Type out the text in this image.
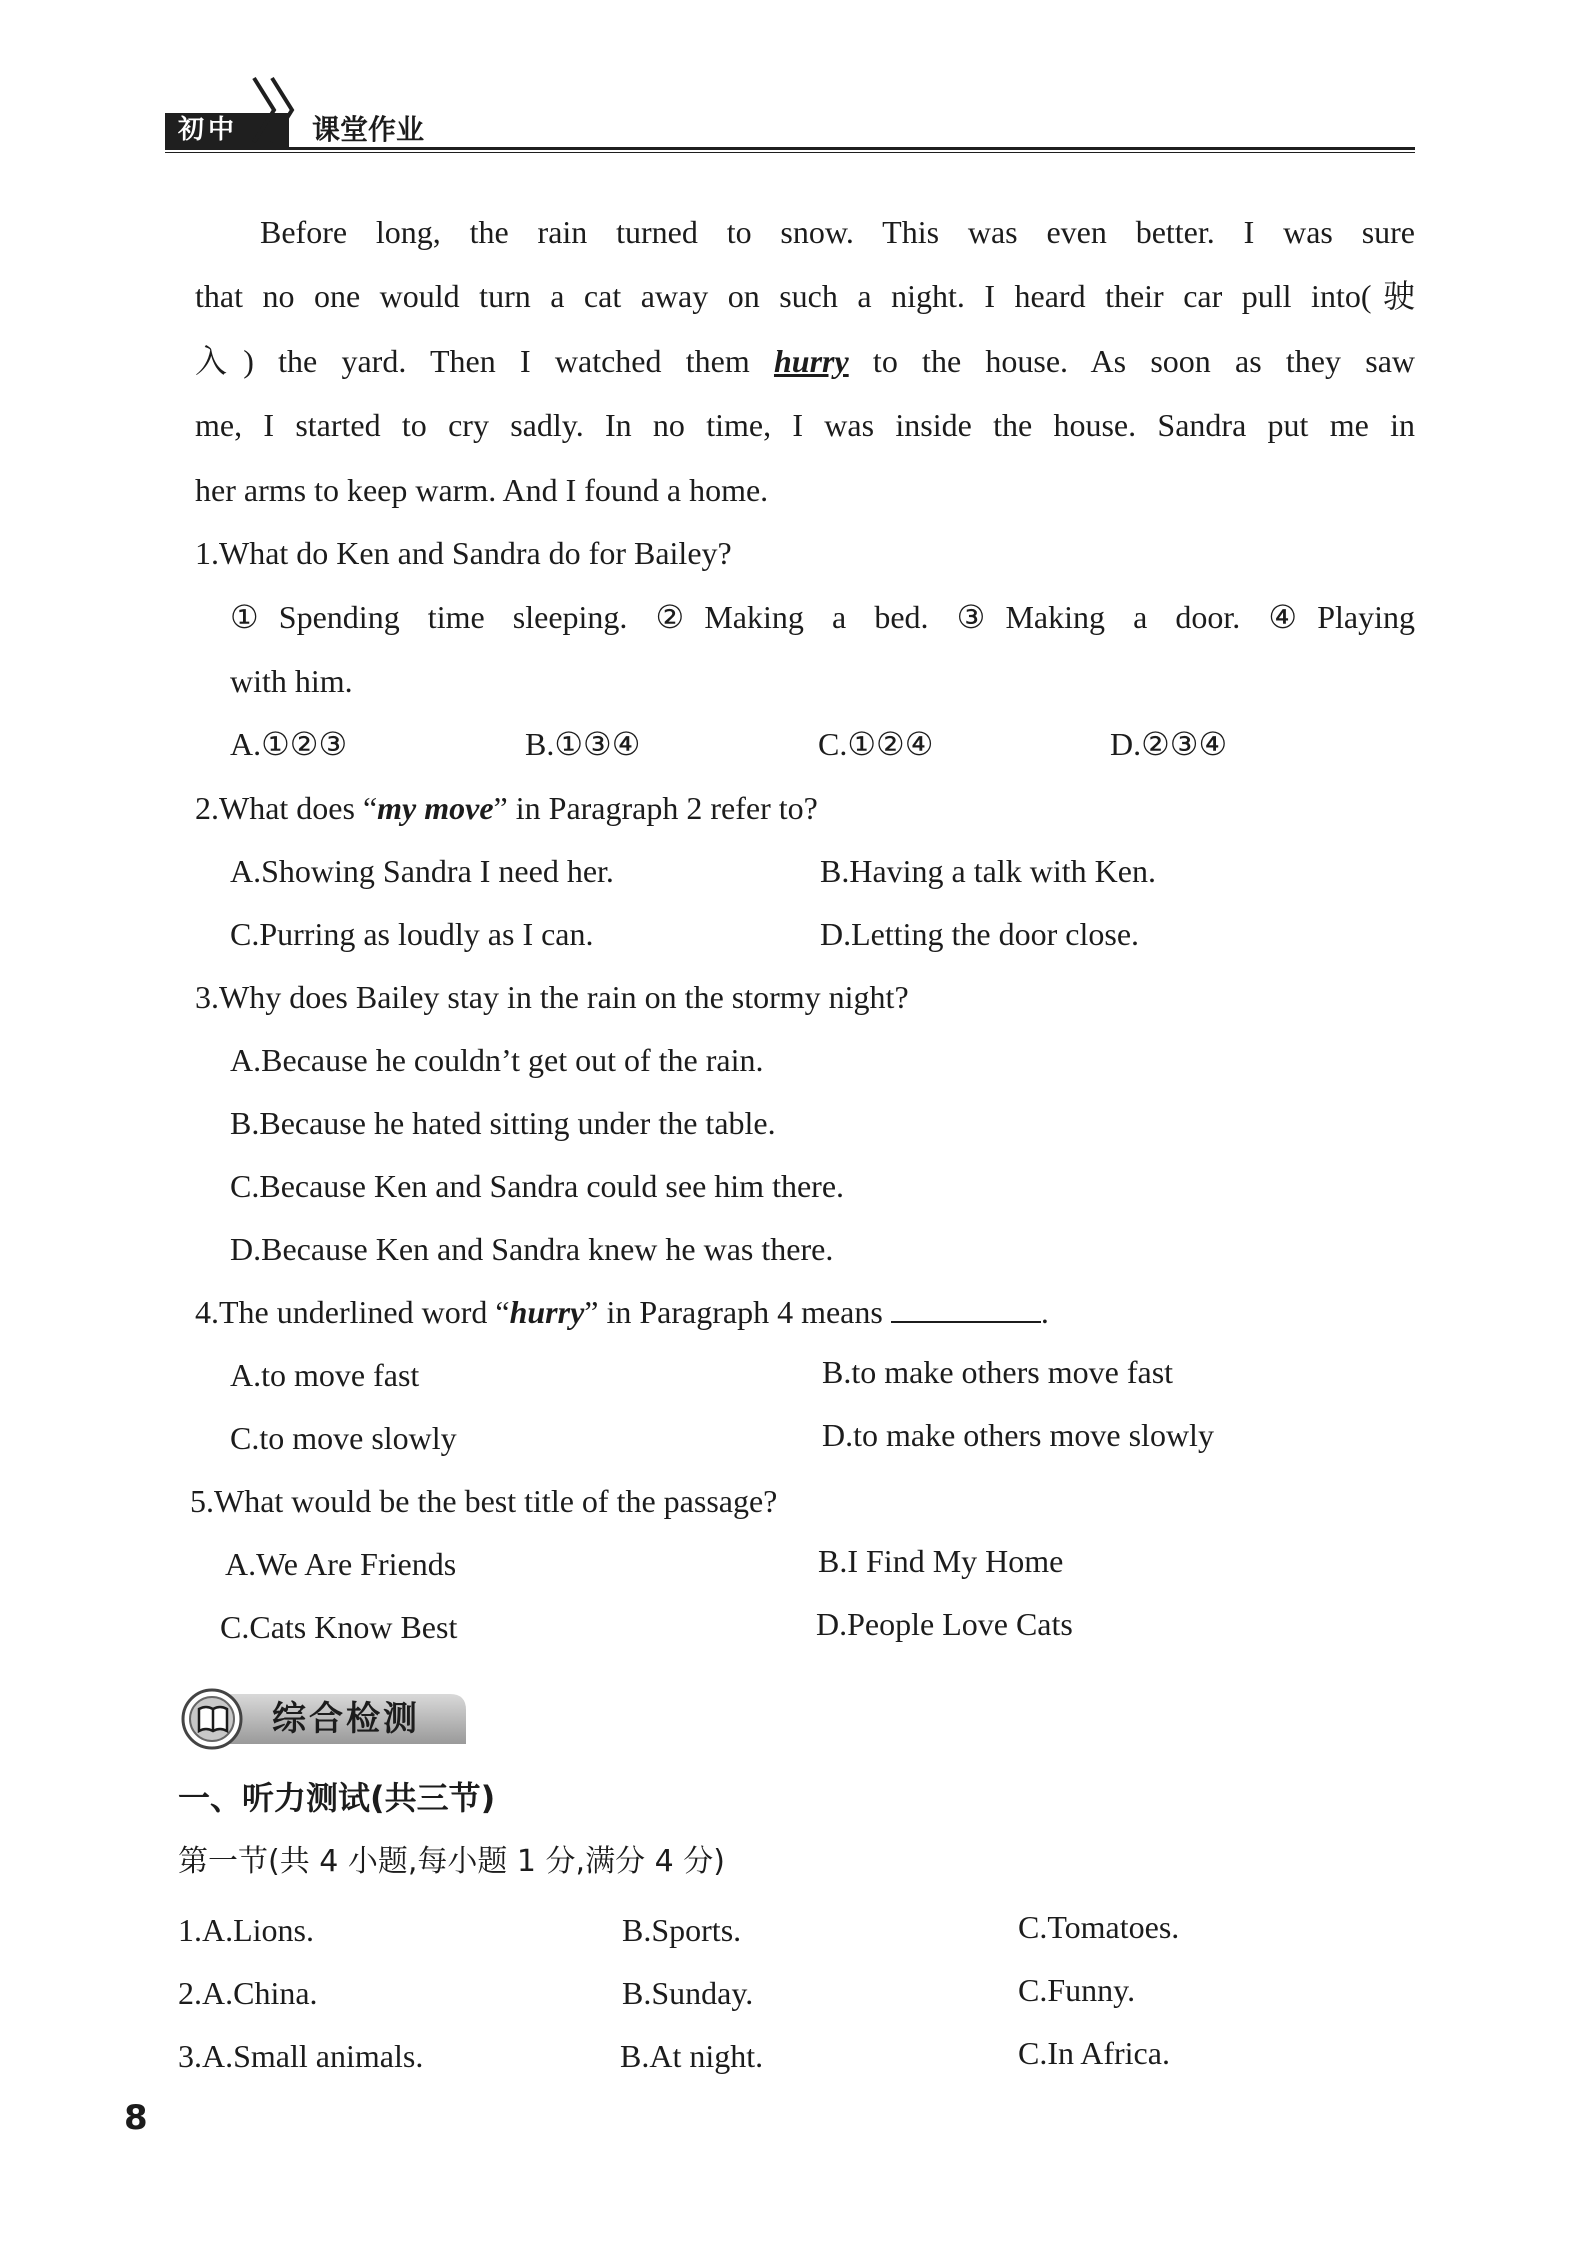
初中	课堂作业
Before long, the rain turned to snow. This was even better. I was sure
that no one would turn a cat away on such a night. I heard their car pull into(驶
入) the yard. Then I watched them hurry to the house. As soon as they saw
me, I started to cry sadly. In no time, I was inside the house. Sandra put me in
her arms to keep warm. And I found a home.
1.What do Ken and Sandra do for Bailey?
①Spending time sleeping. ②Making a bed. ③Making a door. ④Playing
with him.
A.①②③	B.①③④	C.①②④	D.②③④
2.What does “my move” in Paragraph 2 refer to?
A.Showing Sandra I need her.	B.Having a talk with Ken.
C.Purring as loudly as I can.	D.Letting the door close.
3.Why does Bailey stay in the rain on the stormy night?
A.Because he couldn’t get out of the rain.
B.Because he hated sitting under the table.
C.Because Ken and Sandra could see him there.
D.Because Ken and Sandra knew he was there.
4.The underlined word “hurry” in Paragraph 4 means	.
A.to move fast	B.to make others move fast
C.to move slowly	D.to make others move slowly
5.What would be the best title of the passage?
A.We Are Friends	B.I Find My Home
C.Cats Know Best	D.People Love Cats
综合检测
一、听力测试(共三节)
第一节(共 4 小题,每小题 1 分,满分 4 分)
1.A.Lions.	B.Sports.	C.Tomatoes.
2.A.China.	B.Sunday.	C.Funny.
3.A.Small animals.	B.At night.	C.In Africa.
8
